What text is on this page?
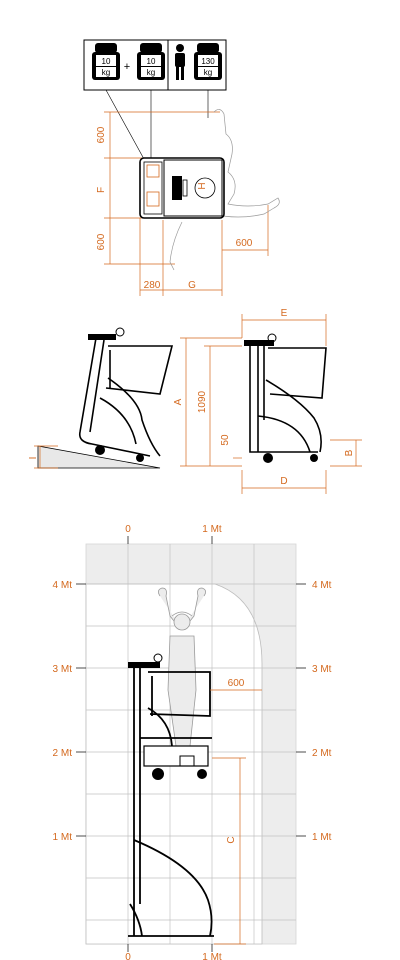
10
kg + 10
kg
130
kg
600
F
600
280	G
600
H
I
A 1090
50
E
D
B
0	1 Mt
0	1 Mt
4 Mt
3 Mt
2 Mt
1 Mt
4 Mt
3 Mt
2 Mt
1 Mt
600
C
